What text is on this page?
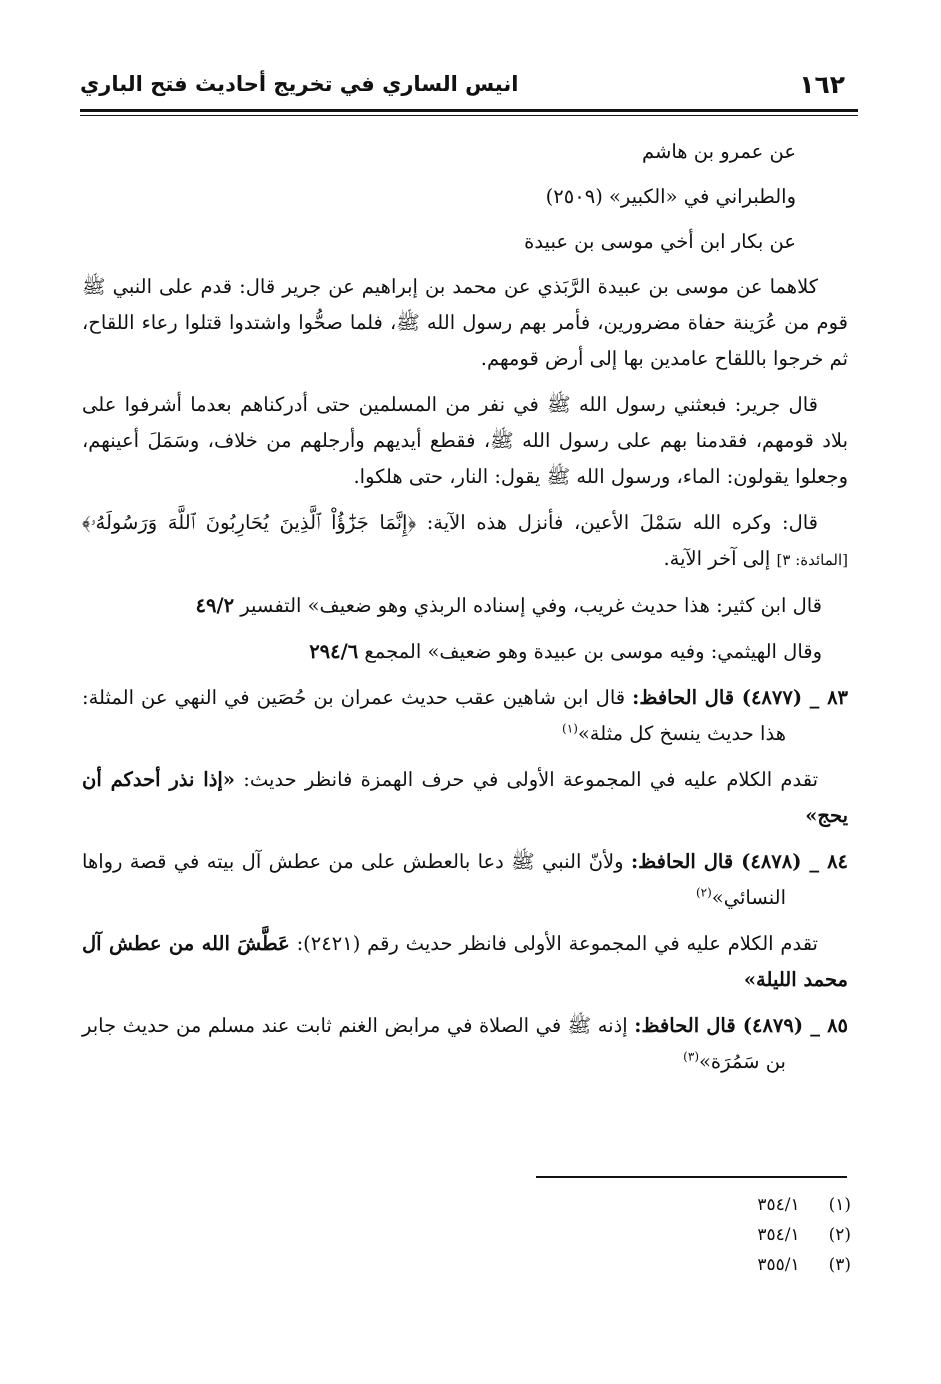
انيس الساري في تخريج أحاديث فتح الباري	١٦٢

عن عمرو بن هاشم

والطبراني في «الكبير» (٢٥٠٩)

عن بكار ابن أخي موسى بن عبيدة

كلاهما عن موسى بن عبيدة الرَّبَذي عن محمد بن إبراهيم عن جرير قال: قدم على النبي ﷺ قوم من عُرَينة حفاة مضرورين، فأمر بهم رسول الله ﷺ، فلما صحُّوا واشتدوا قتلوا رعاء اللقاح، ثم خرجوا باللقاح عامدين بها إلى أرض قومهم.

قال جرير: فبعثني رسول الله ﷺ في نفر من المسلمين حتى أدركناهم بعدما أشرفوا على بلاد قومهم، فقدمنا بهم على رسول الله ﷺ، فقطع أيديهم وأرجلهم من خلاف، وسَمَلَ أعينهم، وجعلوا يقولون: الماء، ورسول الله ﷺ يقول: النار، حتى هلكوا.

قال: وكره الله سَمْلَ الأعين، فأنزل هذه الآية: ﴿إِنَّمَا جَزَٰٓؤُاْ ٱلَّذِينَ يُحَارِبُونَ ٱللَّهَ وَرَسُولَهُۥ﴾ [المائدة: ٣] إلى آخر الآية.

قال ابن كثير: هذا حديث غريب، وفي إسناده الربذي وهو ضعيف» التفسير ٤٩/٢

وقال الهيثمي: وفيه موسى بن عبيدة وهو ضعيف» المجمع ٢٩٤/٦

٨٣ _ (٤٨٧٧) قال الحافظ: قال ابن شاهين عقب حديث عمران بن حُصَين في النهي عن المثلة: هذا حديث ينسخ كل مثلة»$^{(١)}$

تقدم الكلام عليه في المجموعة الأولى في حرف الهمزة فانظر حديث: «إذا نذر أحدكم أن يحج»

٨٤ _ (٤٨٧٨) قال الحافظ: ولأنّ النبي ﷺ دعا بالعطش على من عطش آل بيته في قصة رواها النسائي»$^{(٢)}$

تقدم الكلام عليه في المجموعة الأولى فانظر حديث رقم (٢٤٢١): عَطَّشَ الله من عطش آل محمد الليلة»

٨٥ _ (٤٨٧٩) قال الحافظ: إذنه ﷺ في الصلاة في مرابض الغنم ثابت عند مسلم من حديث جابر بن سَمُرَة»$^{(٣)}$

(١) ٣٥٤/١
(٢) ٣٥٤/١
(٣) ٣٥٥/١
